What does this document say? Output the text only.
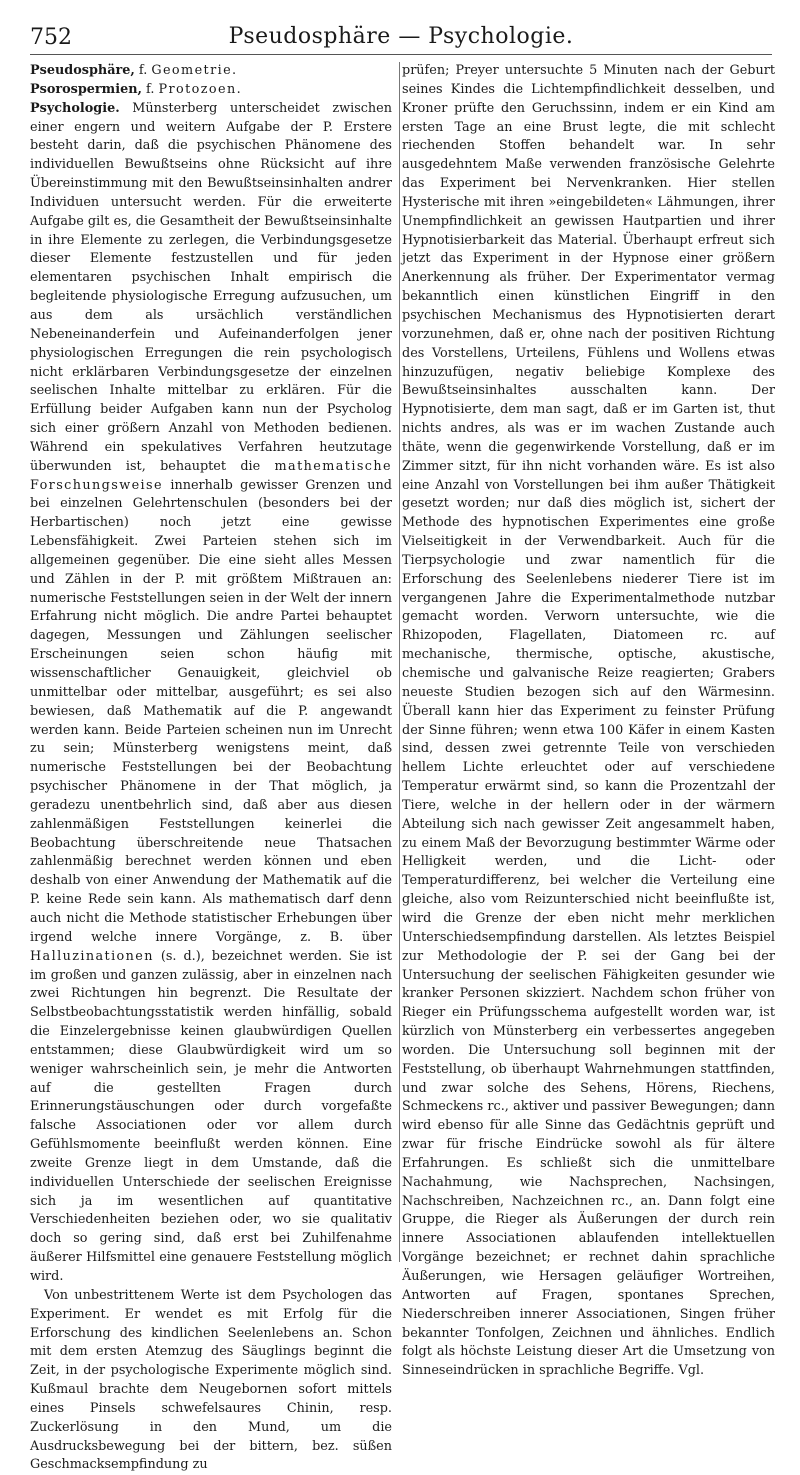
752	Pseudosphäre — Psychologie.

Pseudosphäre, f. Geometrie.

Psorospermien, f. Protozoen.

Psychologie. Münsterberg unterscheidet zwischen einer engern und weitern Aufgabe der P. Erstere besteht darin, daß die psychischen Phänomene des individuellen Bewußtseins ohne Rücksicht auf ihre Übereinstimmung mit den Bewußtseinsinhalten andrer Individuen untersucht werden. Für die erweiterte Aufgabe gilt es, die Gesamtheit der Bewußtseinsinhalte in ihre Elemente zu zerlegen, die Verbindungsgesetze dieser Elemente festzustellen und für jeden elementaren psychischen Inhalt empirisch die begleitende physiologische Erregung aufzusuchen, um aus dem als ursächlich verständlichen Nebeneinanderfein und Aufeinanderfolgen jener physiologischen Erregungen die rein psychologisch nicht erklärbaren Verbindungsgesetze der einzelnen seelischen Inhalte mittelbar zu erklären. Für die Erfüllung beider Aufgaben kann nun der Psycholog sich einer größern Anzahl von Methoden bedienen. Während ein spekulatives Verfahren heutzutage überwunden ist, behauptet die mathematische Forschungsweise innerhalb gewisser Grenzen und bei einzelnen Gelehrtenschulen (besonders bei der Herbartischen) noch jetzt eine gewisse Lebensfähigkeit. Zwei Parteien stehen sich im allgemeinen gegenüber. Die eine sieht alles Messen und Zählen in der P. mit größtem Mißtrauen an: numerische Feststellungen seien in der Welt der innern Erfahrung nicht möglich. Die andre Partei behauptet dagegen, Messungen und Zählungen seelischer Erscheinungen seien schon häufig mit wissenschaftlicher Genauigkeit, gleichviel ob unmittelbar oder mittelbar, ausgeführt; es sei also bewiesen, daß Mathematik auf die P. angewandt werden kann. Beide Parteien scheinen nun im Unrecht zu sein; Münsterberg wenigstens meint, daß numerische Feststellungen bei der Beobachtung psychischer Phänomene in der That möglich, ja geradezu unentbehrlich sind, daß aber aus diesen zahlenmäßigen Feststellungen keinerlei die Beobachtung überschreitende neue Thatsachen zahlenmäßig berechnet werden können und eben deshalb von einer Anwendung der Mathematik auf die P. keine Rede sein kann. Als mathematisch darf denn auch nicht die Methode statistischer Erhebungen über irgend welche innere Vorgänge, z. B. über Halluzinationen (s. d.), bezeichnet werden. Sie ist im großen und ganzen zulässig, aber in einzelnen nach zwei Richtungen hin begrenzt. Die Resultate der Selbstbeobachtungsstatistik werden hinfällig, sobald die Einzelergebnisse keinen glaubwürdigen Quellen entstammen; diese Glaubwürdigkeit wird um so weniger wahrscheinlich sein, je mehr die Antworten auf die gestellten Fragen durch Erinnerungstäuschungen oder durch vorgefaßte falsche Associationen oder vor allem durch Gefühlsmomente beeinflußt werden können. Eine zweite Grenze liegt in dem Umstande, daß die individuellen Unterschiede der seelischen Ereignisse sich ja im wesentlichen auf quantitative Verschiedenheiten beziehen oder, wo sie qualitativ doch so gering sind, daß erst bei Zuhilfenahme äußerer Hilfsmittel eine genauere Feststellung möglich wird.

Von unbestrittenem Werte ist dem Psychologen das Experiment. Er wendet es mit Erfolg für die Erforschung des kindlichen Seelenlebens an. Schon mit dem ersten Atemzug des Säuglings beginnt die Zeit, in der psychologische Experimente möglich sind. Kußmaul brachte dem Neugebornen sofort mittels eines Pinsels schwefelsaures Chinin, resp. Zuckerlösung in den Mund, um die Ausdrucksbewegung bei der bittern, bez. süßen Geschmacksempfindung zu

prüfen; Preyer untersuchte 5 Minuten nach der Geburt seines Kindes die Lichtempfindlichkeit desselben, und Kroner prüfte den Geruchssinn, indem er ein Kind am ersten Tage an eine Brust legte, die mit schlecht riechenden Stoffen behandelt war. In sehr ausgedehntem Maße verwenden französische Gelehrte das Experiment bei Nervenkranken. Hier stellen Hysterische mit ihren »eingebildeten« Lähmungen, ihrer Unempfindlichkeit an gewissen Hautpartien und ihrer Hypnotisierbarkeit das Material. Überhaupt erfreut sich jetzt das Experiment in der Hypnose einer größern Anerkennung als früher. Der Experimentator vermag bekanntlich einen künstlichen Eingriff in den psychischen Mechanismus des Hypnotisierten derart vorzunehmen, daß er, ohne nach der positiven Richtung des Vorstellens, Urteilens, Fühlens und Wollens etwas hinzuzufügen, negativ beliebige Komplexe des Bewußtseinsinhaltes ausschalten kann. Der Hypnotisierte, dem man sagt, daß er im Garten ist, thut nichts andres, als was er im wachen Zustande auch thäte, wenn die gegenwirkende Vorstellung, daß er im Zimmer sitzt, für ihn nicht vorhanden wäre. Es ist also eine Anzahl von Vorstellungen bei ihm außer Thätigkeit gesetzt worden; nur daß dies möglich ist, sichert der Methode des hypnotischen Experimentes eine große Vielseitigkeit in der Verwendbarkeit. Auch für die Tierpsychologie und zwar namentlich für die Erforschung des Seelenlebens niederer Tiere ist im vergangenen Jahre die Experimentalmethode nutzbar gemacht worden. Verworn untersuchte, wie die Rhizopoden, Flagellaten, Diatomeen rc. auf mechanische, thermische, optische, akustische, chemische und galvanische Reize reagierten; Grabers neueste Studien bezogen sich auf den Wärmesinn. Überall kann hier das Experiment zu feinster Prüfung der Sinne führen; wenn etwa 100 Käfer in einem Kasten sind, dessen zwei getrennte Teile von verschieden hellem Lichte erleuchtet oder auf verschiedene Temperatur erwärmt sind, so kann die Prozentzahl der Tiere, welche in der hellern oder in der wärmern Abteilung sich nach gewisser Zeit angesammelt haben, zu einem Maß der Bevorzugung bestimmter Wärme oder Helligkeit werden, und die Licht- oder Temperaturdifferenz, bei welcher die Verteilung eine gleiche, also vom Reizunterschied nicht beeinflußte ist, wird die Grenze der eben nicht mehr merklichen Unterschiedsempfindung darstellen. Als letztes Beispiel zur Methodologie der P. sei der Gang bei der Untersuchung der seelischen Fähigkeiten gesunder wie kranker Personen skizziert. Nachdem schon früher von Rieger ein Prüfungsschema aufgestellt worden war, ist kürzlich von Münsterberg ein verbessertes angegeben worden. Die Untersuchung soll beginnen mit der Feststellung, ob überhaupt Wahrnehmungen stattfinden, und zwar solche des Sehens, Hörens, Riechens, Schmeckens rc., aktiver und passiver Bewegungen; dann wird ebenso für alle Sinne das Gedächtnis geprüft und zwar für frische Eindrücke sowohl als für ältere Erfahrungen. Es schließt sich die unmittelbare Nachahmung, wie Nachsprechen, Nachsingen, Nachschreiben, Nachzeichnen rc., an. Dann folgt eine Gruppe, die Rieger als Äußerungen der durch rein innere Associationen ablaufenden intellektuellen Vorgänge bezeichnet; er rechnet dahin sprachliche Äußerungen, wie Hersagen geläufiger Wortreihen, Antworten auf Fragen, spontanes Sprechen, Niederschreiben innerer Associationen, Singen früher bekannter Tonfolgen, Zeichnen und ähnliches. Endlich folgt als höchste Leistung dieser Art die Umsetzung von Sinneseindrücken in sprachliche Begriffe. Vgl.
